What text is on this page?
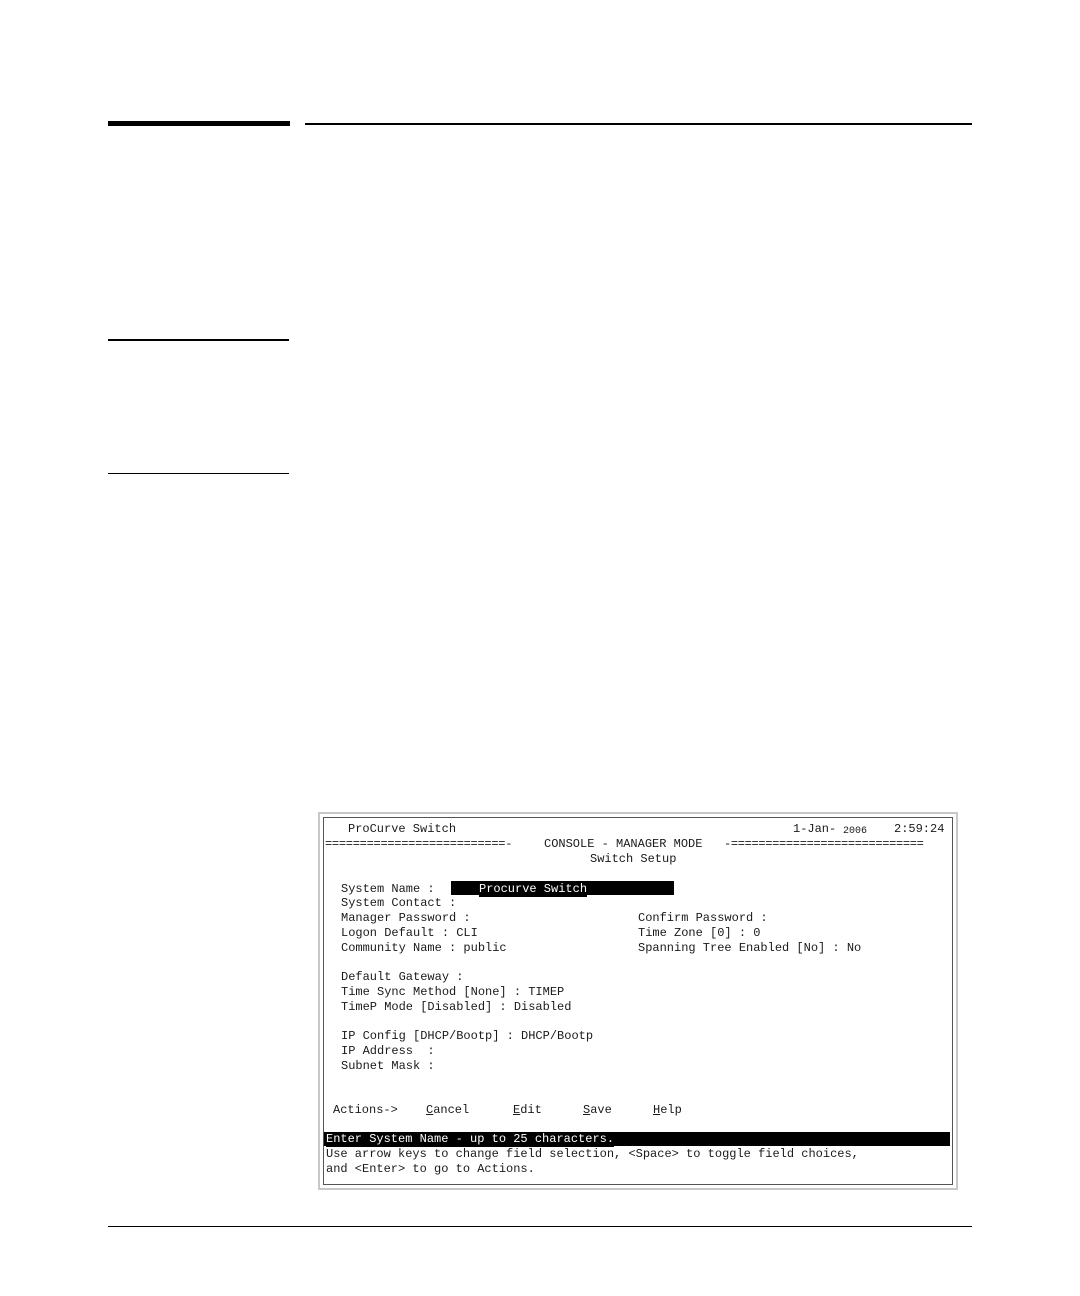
ProCurve Switch	1-Jan- 2006 2:59:24
==========================-	CONSOLE - MANAGER MODE -============================
Switch Setup
System Name :	Procurve Switch
System Contact :
Manager Password :	Confirm Password :
Logon Default : CLI	Time Zone [0] : 0
Community Name : public	Spanning Tree Enabled [No] : No
Default Gateway :
Time Sync Method [None] : TIMEP
TimeP Mode [Disabled] : Disabled
IP Config [DHCP/Bootp] : DHCP/Bootp
IP Address  :
Subnet Mask :
Actions-> Cancel	Edit	Save	Help
Enter System Name - up to 25 characters.
Use arrow keys to change field selection, <Space> to toggle field choices,
and <Enter> to go to Actions.
